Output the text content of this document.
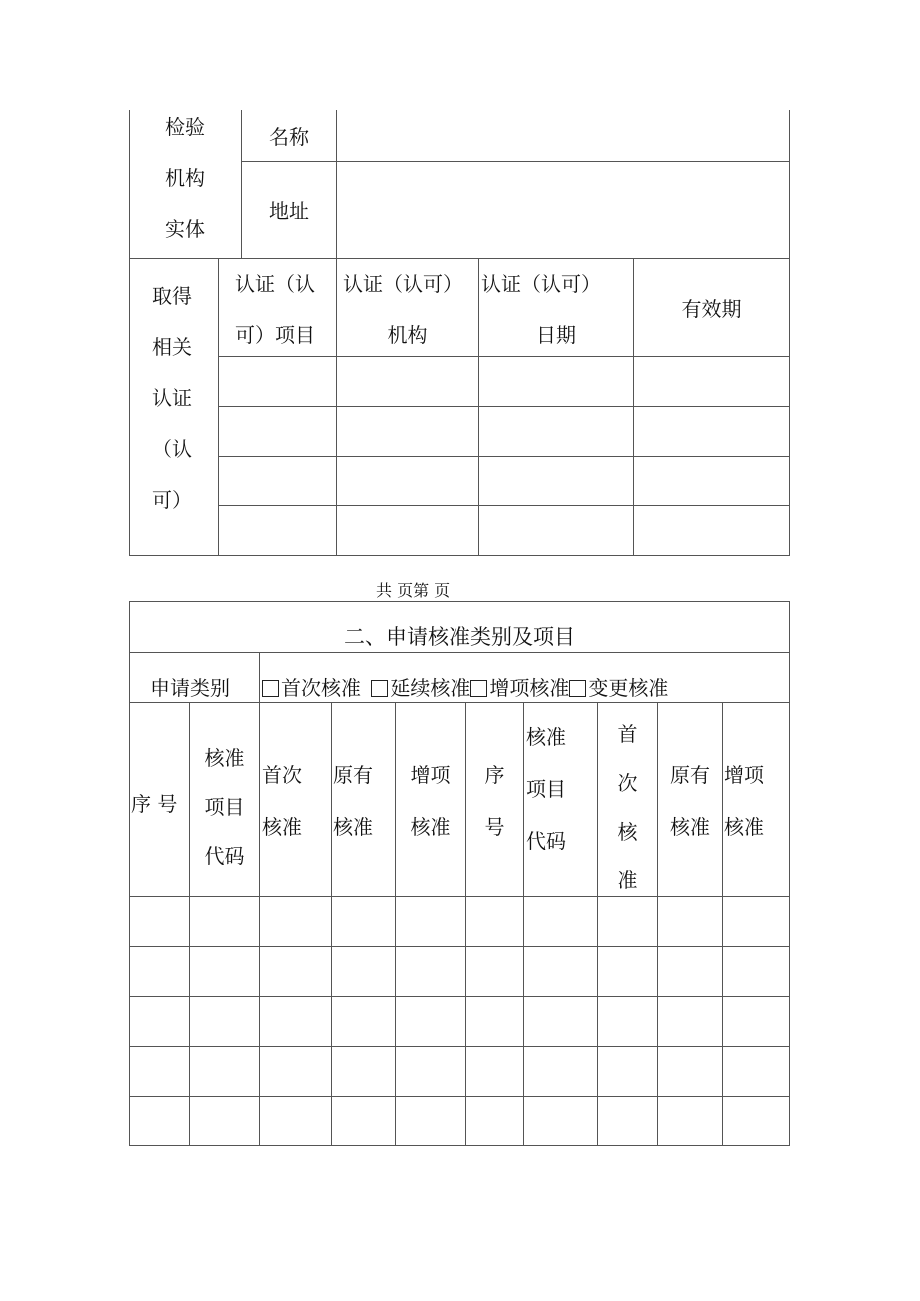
检验
机构
实体
名称
地址
取得
相关
认证
（认
可）
认证（认
可）项目
认证（认可）
机构
认证（认可）
日期
有效期
共 页第 页
二、申请核准类别及项目
申请类别	首次核准 延续核准 增项核准 变更核准
序 号
核准
项目
代码
首次
核准
原有
核准
增项
核准
序
号
核准
项目
代码
首
次
核
准
原有
核准
增项
核准
